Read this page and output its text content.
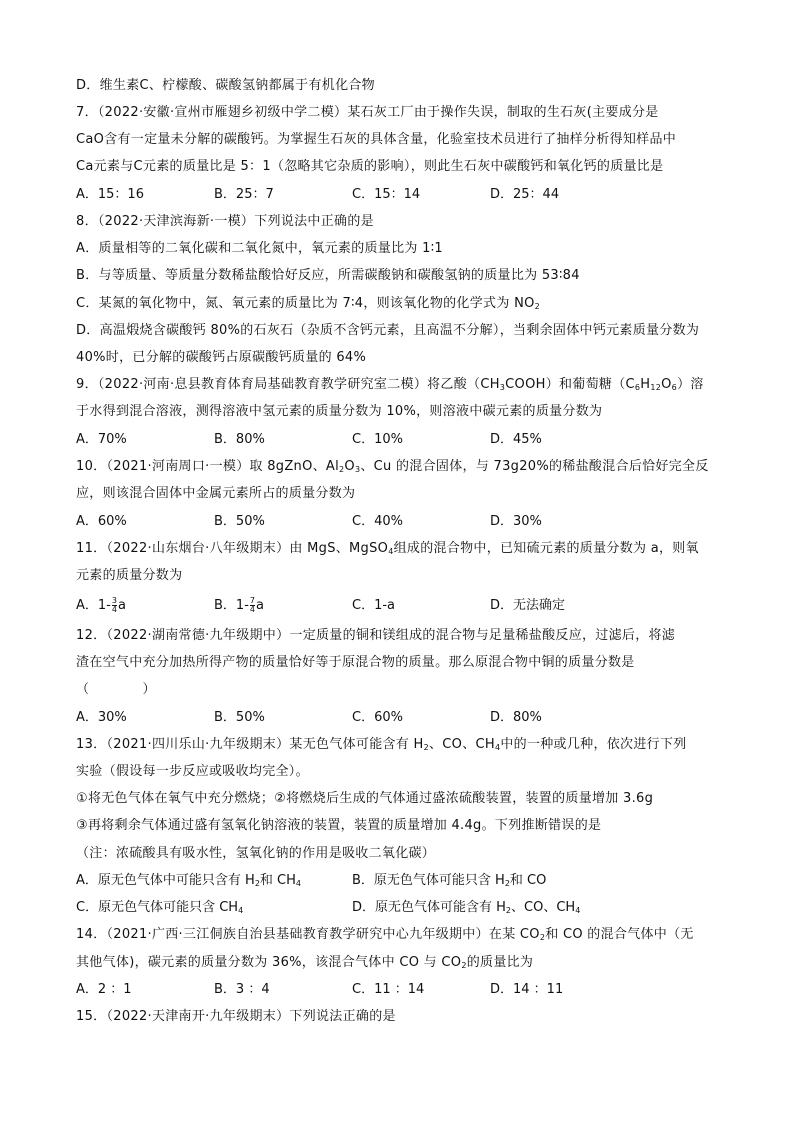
D．维生素C、柠檬酸、碳酸氢钠都属于有机化合物
7．（2022·安徽·宣州市雁翅乡初级中学二模）某石灰工厂由于操作失误，制取的生石灰(主要成分是
CaO含有一定量未分解的碳酸钙。为掌握生石灰的具体含量，化验室技术员进行了抽样分析得知样品中
Ca元素与C元素的质量比是 5：1（忽略其它杂质的影响），则此生石灰中碳酸钙和氧化钙的质量比是
A．15：16	B．25：7	C．15：14	D．25：44
8．（2022·天津滨海新·一模）下列说法中正确的是
A．质量相等的二氧化碳和二氧化氮中，氧元素的质量比为 1∶1
B．与等质量、等质量分数稀盐酸恰好反应，所需碳酸钠和碳酸氢钠的质量比为 53∶84
C．某氮的氧化物中，氮、氧元素的质量比为 7∶4，则该氧化物的化学式为 $NO_2$
D．高温煅烧含碳酸钙 80%的石灰石（杂质不含钙元素，且高温不分解），当剩余固体中钙元素质量分数为
40%时，已分解的碳酸钙占原碳酸钙质量的 64%
9．（2022·河南·息县教育体育局基础教育教学研究室二模）将乙酸$(CH_3COOH)$和葡萄糖$(C_6H_{12}O_6)$溶
于水得到混合溶液，测得溶液中氢元素的质量分数为 10%，则溶液中碳元素的质量分数为
A．70%	B．80%	C．10%	D．45%
10．（2021·河南周口·一模）取 8gZnO、$Al_2O_3$、Cu 的混合固体，与 73g20%的稀盐酸混合后恰好完全反
应，则该混合固体中金属元素所占的质量分数为
A．60%	B．50%	C．40%	D．30%
11．（2022·山东烟台·八年级期末）由 MgS、MgSO$_4$组成的混合物中，已知硫元素的质量分数为 a，则氧
元素的质量分数为
A．$1- \frac{3}{4}$ a	B．$1- \frac{7}{4}$ a	C．1-a	D．无法确定
12．（2022·湖南常德·九年级期中）一定质量的铜和镁组成的混合物与足量稀盐酸反应，过滤后，将滤
渣在空气中充分加热所得产物的质量恰好等于原混合物的质量。那么原混合物中铜的质量分数是
（　　　　）
A．30%	B．50%	C．60%	D．80%
13．（2021·四川乐山·九年级期末）某无色气体可能含有 $H_2$、CO、$CH_4$中的一种或几种，依次进行下列
实验（假设每一步反应或吸收均完全）。
①将无色气体在氧气中充分燃烧；②将燃烧后生成的气体通过盛浓硫酸装置，装置的质量增加 3.6g
③再将剩余气体通过盛有氢氧化钠溶液的装置，装置的质量增加 4.4g。下列推断错误的是
（注：浓硫酸具有吸水性，氢氧化钠的作用是吸收二氧化碳）
A．原无色气体中可能只含有 $H_2$和 $CH_4$	B．原无色气体可能只含 $H_2$和 CO
C．原无色气体可能只含 $CH_4$	D．原无色气体可能含有 $H_2$、CO、$CH_4$
14．（2021·广西·三江侗族自治县基础教育教学研究中心九年级期中）在某 $CO_2$和 CO 的混合气体中（无
其他气体)，碳元素的质量分数为 36%，该混合气体中 CO 与 $CO_2$的质量比为
A．2 ：1	B．3 ：4	C．11 ：14	D．14 ：11
15．（2022·天津南开·九年级期末）下列说法正确的是
